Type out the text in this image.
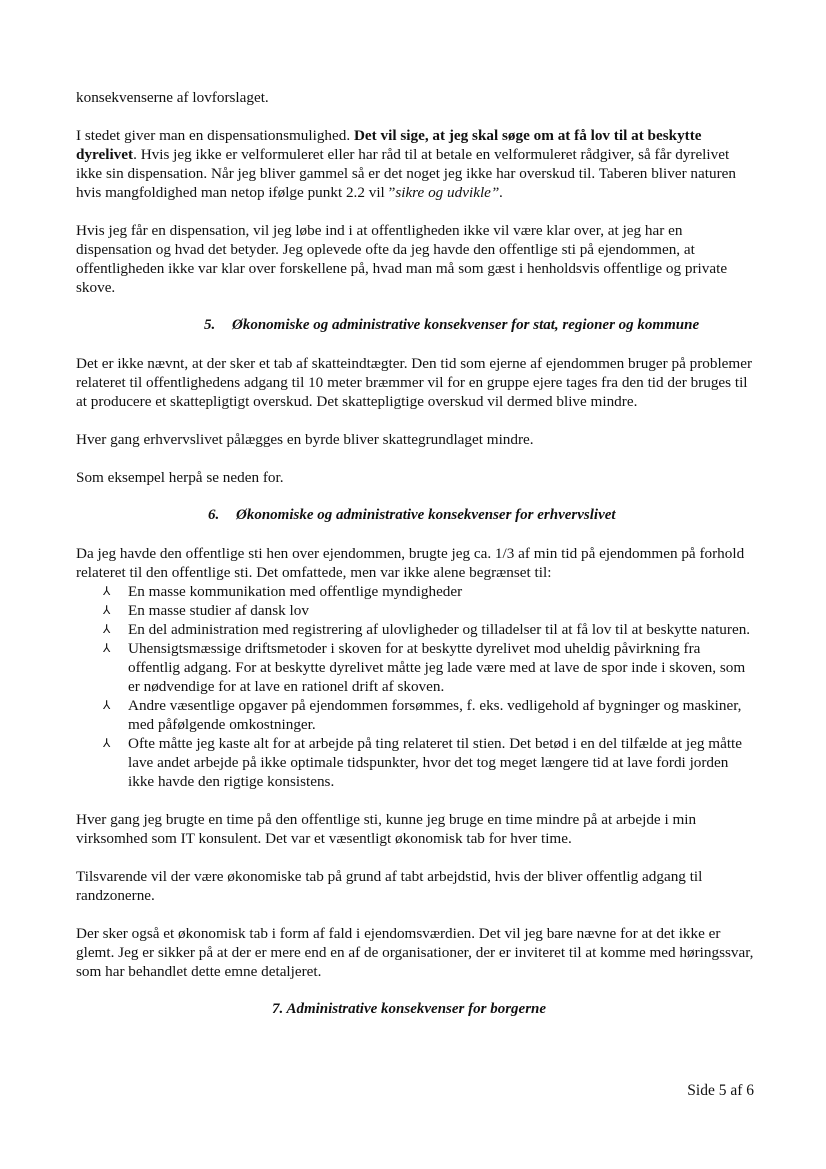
konsekvenserne af lovforslaget.

I stedet giver man en dispensationsmulighed. Det vil sige, at jeg skal søge om at få lov til at beskytte dyrelivet. Hvis jeg ikke er velformuleret eller har råd til at betale en velformuleret rådgiver, så får dyrelivet ikke sin dispensation. Når jeg bliver gammel så er det noget jeg ikke har overskud til. Taberen bliver naturen hvis mangfoldighed man netop ifølge punkt 2.2 vil ”sikre og udvikle”.

Hvis jeg får en dispensation, vil jeg løbe ind i at offentligheden ikke vil være klar over, at jeg har en dispensation og hvad det betyder. Jeg oplevede ofte da jeg havde den offentlige sti på ejendommen, at offentligheden ikke var klar over forskellene på, hvad man må som gæst i henholdsvis offentlige og private skove.

5. Økonomiske og administrative konsekvenser for stat, regioner og kommune

Det er ikke nævnt, at der sker et tab af skatteindtægter. Den tid som ejerne af ejendommen bruger på problemer relateret til offentlighedens adgang til 10 meter bræmmer vil for en gruppe ejere tages fra den tid der bruges til at producere et skattepligtigt overskud. Det skattepligtige overskud vil dermed blive mindre.

Hver gang erhvervslivet pålægges en byrde bliver skattegrundlaget mindre.

Som eksempel herpå se neden for.

6. Økonomiske og administrative konsekvenser for erhvervslivet

Da jeg havde den offentlige sti hen over ejendommen, brugte jeg ca. 1/3 af min tid på ejendommen på forhold relateret til den offentlige sti. Det omfattede, men var ikke alene begrænset til:

⅄ En masse kommunikation med offentlige myndigheder
⅄ En masse studier af dansk lov
⅄ En del administration med registrering af ulovligheder og tilladelser til at få lov til at beskytte naturen.
⅄ Uhensigtsmæssige driftsmetoder i skoven for at beskytte dyrelivet mod uheldig påvirkning fra offentlig adgang. For at beskytte dyrelivet måtte jeg lade være med at lave de spor inde i skoven, som er nødvendige for at lave en rationel drift af skoven.
⅄ Andre væsentlige opgaver på ejendommen forsømmes, f. eks. vedligehold af bygninger og maskiner, med påfølgende omkostninger.
⅄ Ofte måtte jeg kaste alt for at arbejde på ting relateret til stien. Det betød i en del tilfælde at jeg måtte lave andet arbejde på ikke optimale tidspunkter, hvor det tog meget længere tid at lave fordi jorden ikke havde den rigtige konsistens.

Hver gang jeg brugte en time på den offentlige sti, kunne jeg bruge en time mindre på at arbejde i min virksomhed som IT konsulent. Det var et væsentligt økonomisk tab for hver time.

Tilsvarende vil der være økonomiske tab på grund af tabt arbejdstid, hvis der bliver offentlig adgang til randzonerne.

Der sker også et økonomisk tab i form af fald i ejendomsværdien. Det vil jeg bare nævne for at det ikke er glemt. Jeg er sikker på at der er mere end en af de organisationer, der er inviteret til at komme med høringssvar, som har behandlet dette emne detaljeret.

7. Administrative konsekvenser for borgerne
Side 5 af 6
